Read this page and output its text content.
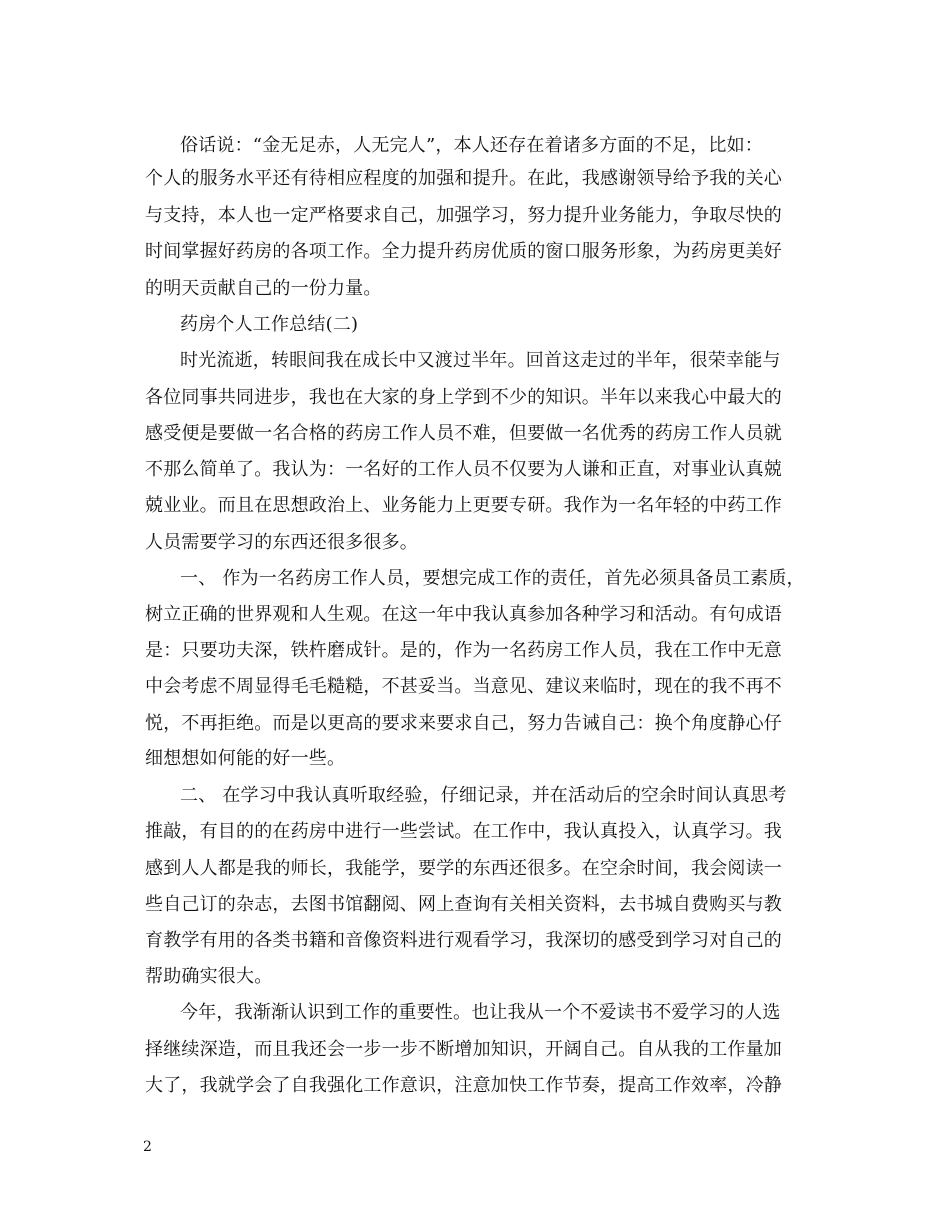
俗话说：“金无足赤，人无完人”，本人还存在着诸多方面的不足，比如：
个人的服务水平还有待相应程度的加强和提升。在此，我感谢领导给予我的关心
与支持，本人也一定严格要求自己，加强学习，努力提升业务能力，争取尽快的
时间掌握好药房的各项工作。全力提升药房优质的窗口服务形象，为药房更美好
的明天贡献自己的一份力量。
药房个人工作总结(二)
时光流逝，转眼间我在成长中又渡过半年。回首这走过的半年，很荣幸能与
各位同事共同进步，我也在大家的身上学到不少的知识。半年以来我心中最大的
感受便是要做一名合格的药房工作人员不难，但要做一名优秀的药房工作人员就
不那么简单了。我认为：一名好的工作人员不仅要为人谦和正直，对事业认真兢
兢业业。而且在思想政治上、业务能力上更要专研。我作为一名年轻的中药工作
人员需要学习的东西还很多很多。
一、 作为一名药房工作人员，要想完成工作的责任，首先必须具备员工素质，
树立正确的世界观和人生观。在这一年中我认真参加各种学习和活动。有句成语
是：只要功夫深，铁杵磨成针。是的，作为一名药房工作人员，我在工作中无意
中会考虑不周显得毛毛糙糙，不甚妥当。当意见、建议来临时，现在的我不再不
悦，不再拒绝。而是以更高的要求来要求自己，努力告诫自己：换个角度静心仔
细想想如何能的好一些。
二、 在学习中我认真听取经验，仔细记录，并在活动后的空余时间认真思考
推敲，有目的的在药房中进行一些尝试。在工作中，我认真投入，认真学习。我
感到人人都是我的师长，我能学，要学的东西还很多。在空余时间，我会阅读一
些自己订的杂志，去图书馆翻阅、网上查询有关相关资料，去书城自费购买与教
育教学有用的各类书籍和音像资料进行观看学习，我深切的感受到学习对自己的
帮助确实很大。
今年，我渐渐认识到工作的重要性。也让我从一个不爱读书不爱学习的人选
择继续深造，而且我还会一步一步不断增加知识，开阔自己。自从我的工作量加
大了，我就学会了自我强化工作意识，注意加快工作节奏，提高工作效率，冷静
2
